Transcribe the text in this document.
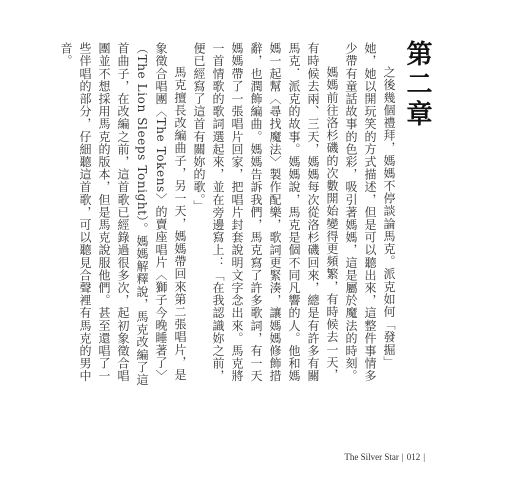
第二章

之後幾個禮拜，媽媽不停談論馬克。派克如何「發掘」她，她以開玩笑的方式描述，但是可以聽出來，這整件事情多少帶有童話故事的色彩，吸引著媽媽，這是屬於魔法的時刻。

媽媽前往洛杉磯的次數開始變得更頻繁，有時候去一天，有時候去兩、三天，媽媽每次從洛杉磯回來，總是有許多有關馬克．派克的故事。媽媽說，馬克是個不同凡響的人。他和媽媽一起幫〈尋找魔法〉製作配樂，歌詞更緊湊，讓媽媽修飾措辭，也潤飾編曲。媽媽告訴我們，馬克寫了許多歌詞，有一天媽媽帶了一張唱片回家，把唱片封套說明文字念出來。馬克將一首情歌的歌詞選起來，並在旁邊寫上：「在我認識妳之前，便已經寫了這首有關妳的歌。」

馬克擅長改編曲子，另一天，媽媽帶回來第二張唱片，是象徵合唱團〈The Tokens〉的賣座唱片〈獅子今晚睡著了〉（The Lion Sleeps Tonight）。媽媽解釋說，馬克改編了這首曲子，在改編之前，這首歌已經錄過很多次，起初象徵合唱團並不想採用馬克的版本，但是馬克說服他們。甚至還唱了一些伴唱的部分，仔細聽這首歌，可以聽見合聲裡有馬克的男中音。

The Silver Star | 012 |
